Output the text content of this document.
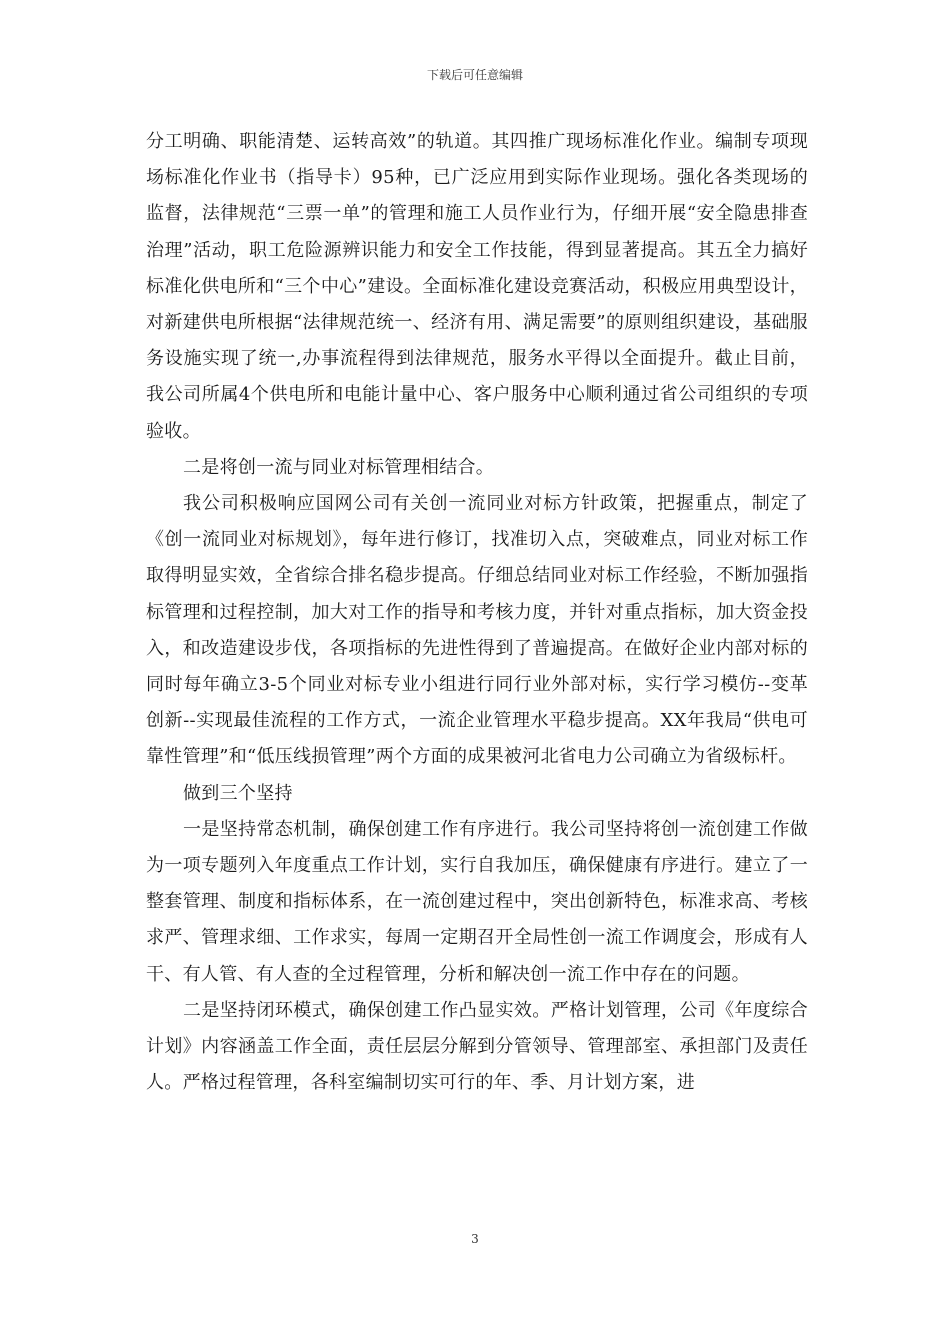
下载后可任意编辑

分工明确、职能清楚、运转高效”的轨道。其四推广现场标准化作业。编制专项现场标准化作业书（指导卡）95种，已广泛应用到实际作业现场。强化各类现场的监督，法律规范“三票一单”的管理和施工人员作业行为，仔细开展“安全隐患排查治理”活动，职工危险源辨识能力和安全工作技能，得到显著提高。其五全力搞好标准化供电所和“三个中心”建设。全面标准化建设竞赛活动，积极应用典型设计，对新建供电所根据“法律规范统一、经济有用、满足需要”的原则组织建设，基础服务设施实现了统一,办事流程得到法律规范，服务水平得以全面提升。截止目前，我公司所属4个供电所和电能计量中心、客户服务中心顺利通过省公司组织的专项验收。

二是将创一流与同业对标管理相结合。

我公司积极响应国网公司有关创一流同业对标方针政策，把握重点，制定了《创一流同业对标规划》，每年进行修订，找准切入点，突破难点，同业对标工作取得明显实效，全省综合排名稳步提高。仔细总结同业对标工作经验，不断加强指标管理和过程控制，加大对工作的指导和考核力度，并针对重点指标，加大资金投入，和改造建设步伐，各项指标的先进性得到了普遍提高。在做好企业内部对标的同时每年确立3-5个同业对标专业小组进行同行业外部对标，实行学习模仿--变革创新--实现最佳流程的工作方式，一流企业管理水平稳步提高。XX年我局“供电可靠性管理”和“低压线损管理”两个方面的成果被河北省电力公司确立为省级标杆。

做到三个坚持

一是坚持常态机制，确保创建工作有序进行。我公司坚持将创一流创建工作做为一项专题列入年度重点工作计划，实行自我加压，确保健康有序进行。建立了一整套管理、制度和指标体系，在一流创建过程中，突出创新特色，标准求高、考核求严、管理求细、工作求实，每周一定期召开全局性创一流工作调度会，形成有人干、有人管、有人查的全过程管理，分析和解决创一流工作中存在的问题。

二是坚持闭环模式，确保创建工作凸显实效。严格计划管理，公司《年度综合计划》内容涵盖工作全面，责任层层分解到分管领导、管理部室、承担部门及责任人。严格过程管理，各科室编制切实可行的年、季、月计划方案，进

3
